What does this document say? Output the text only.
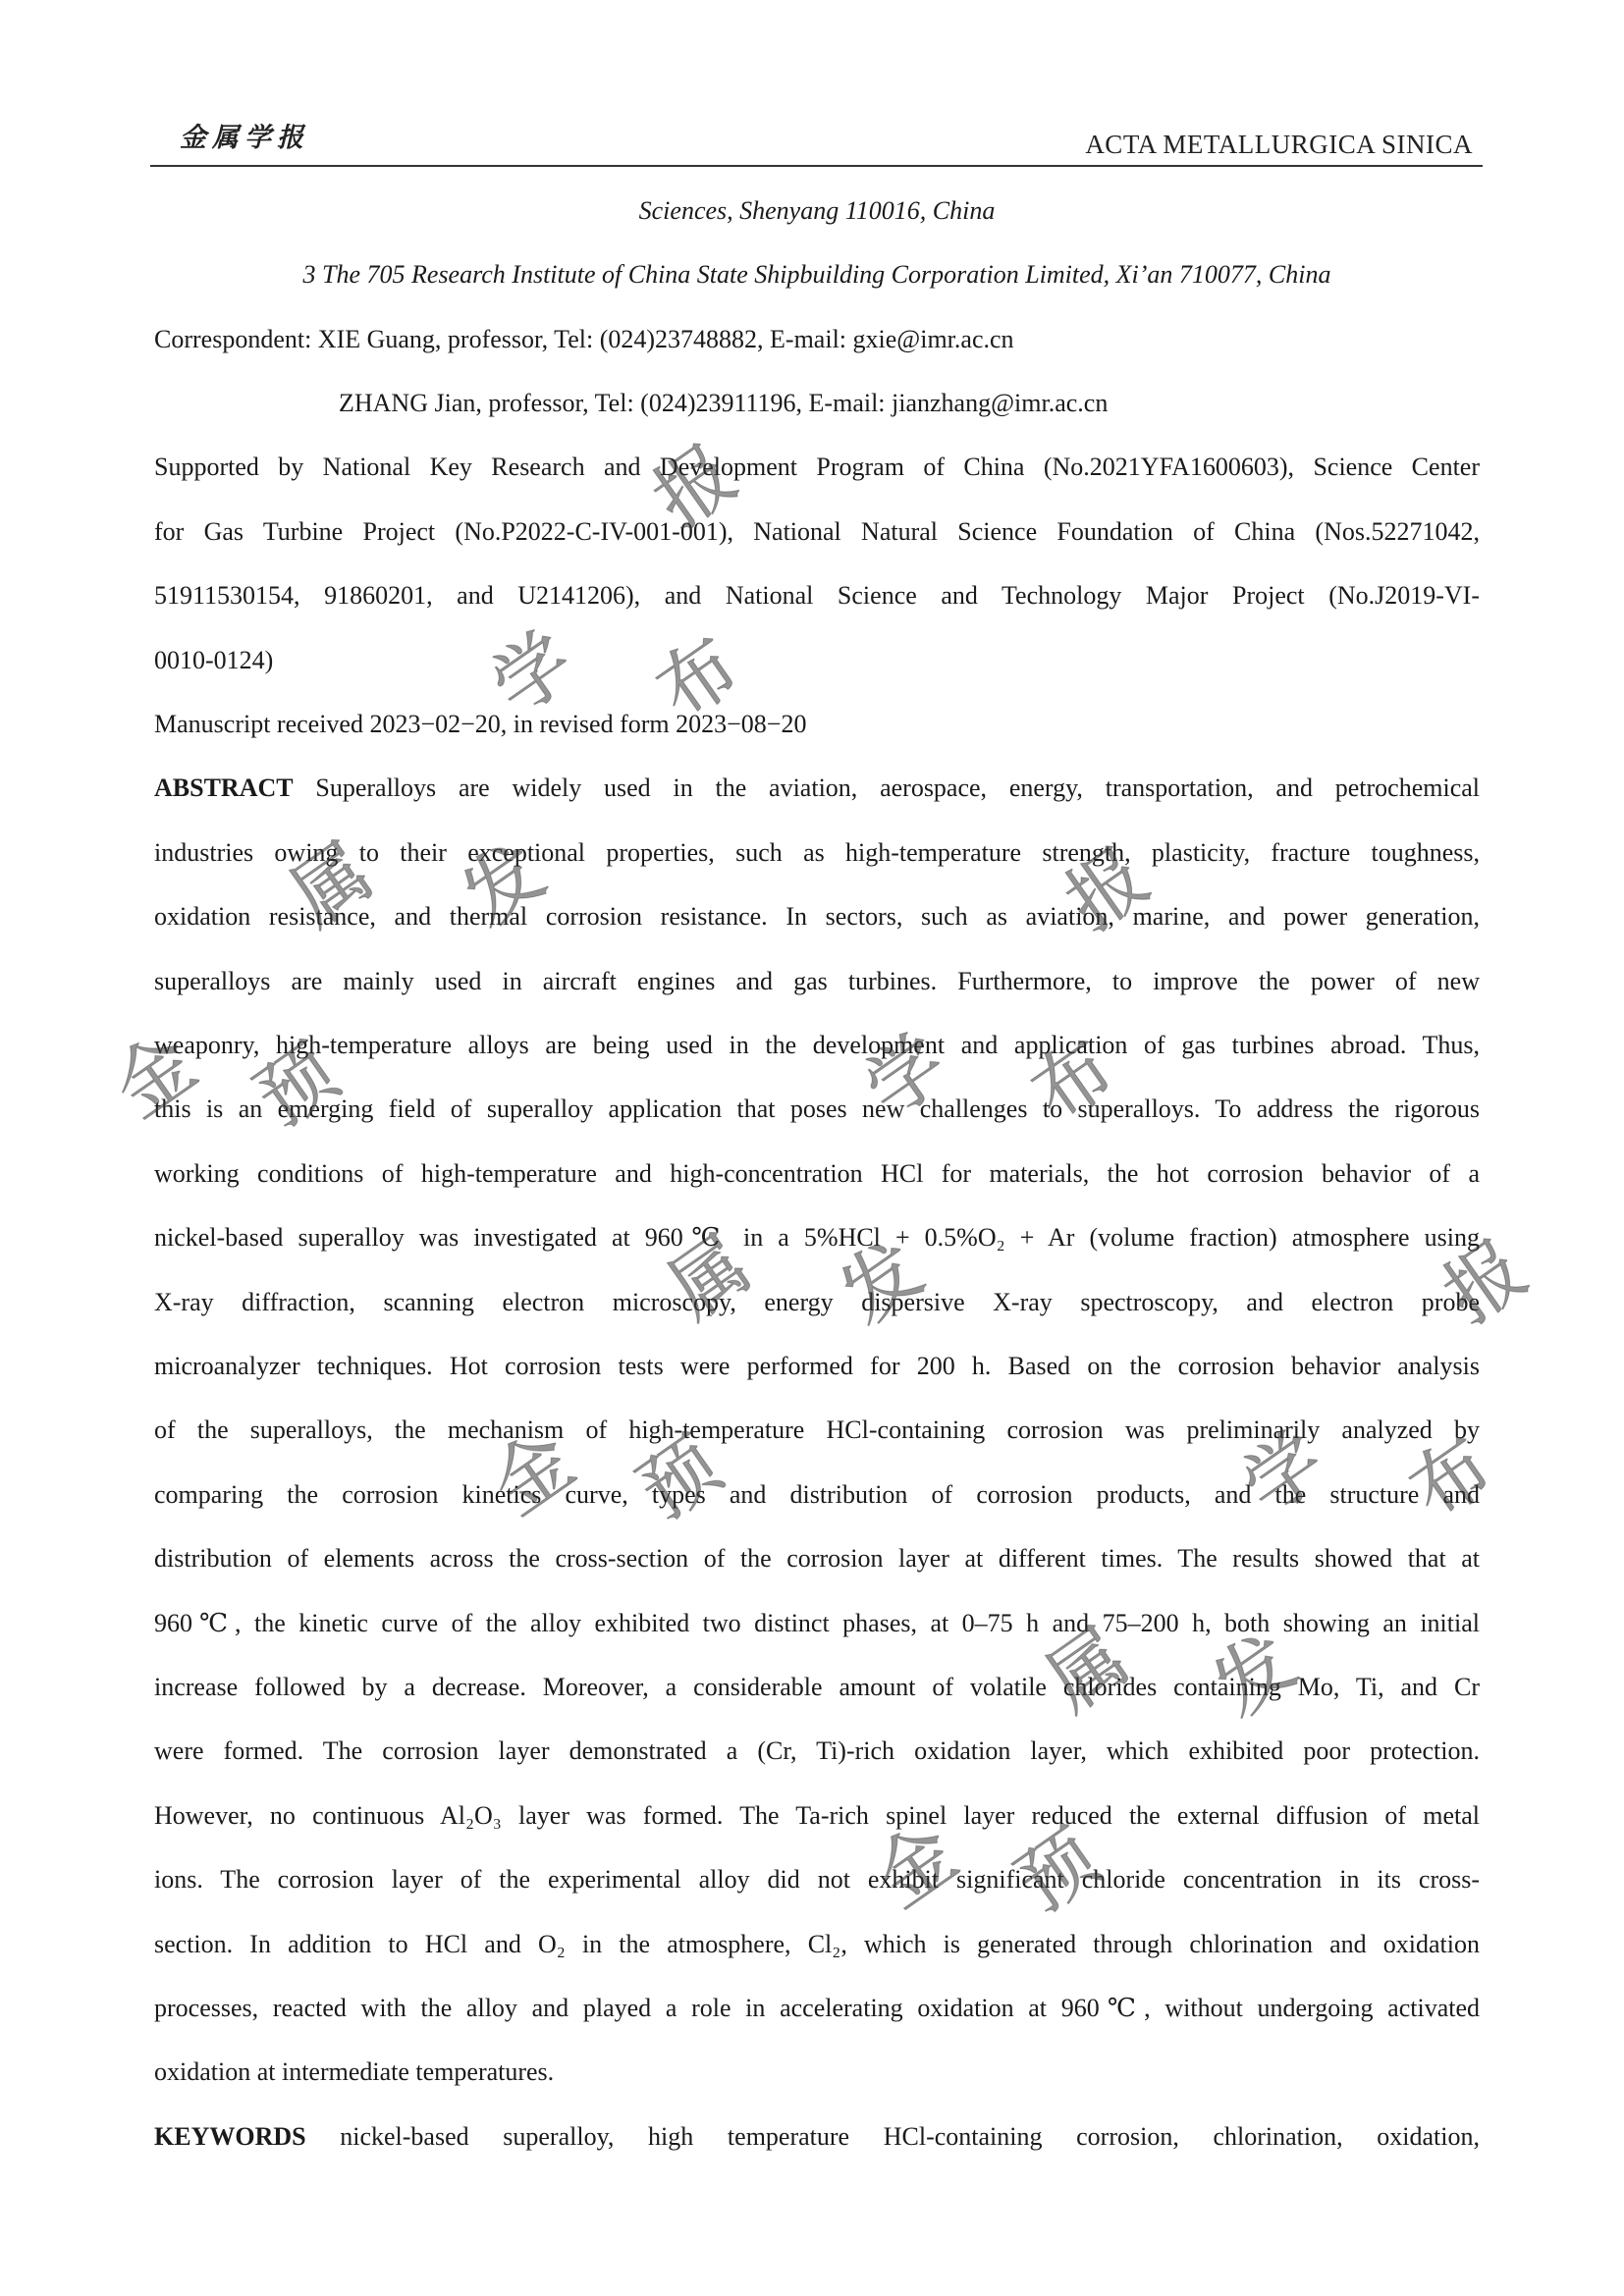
金属学报	ACTA METALLURGICA SINICA
Sciences, Shenyang 110016, China
3 The 705 Research Institute of China State Shipbuilding Corporation Limited, Xi’an 710077, China
Correspondent: XIE Guang, professor, Tel: (024)23748882, E-mail: gxie@imr.ac.cn
ZHANG Jian, professor, Tel: (024)23911196, E-mail: jianzhang@imr.ac.cn
Supported by National Key Research and Development Program of China (No.2021YFA1600603), Science Center
for Gas Turbine Project (No.P2022-C-IV-001-001), National Natural Science Foundation of China (Nos.52271042,
51911530154, 91860201, and U2141206), and National Science and Technology Major Project (No.J2019-VI-
0010-0124)
Manuscript received 2023−02−20, in revised form 2023−08−20
ABSTRACT Superalloys are widely used in the aviation, aerospace, energy, transportation, and petrochemical
industries owing to their exceptional properties, such as high-temperature strength, plasticity, fracture toughness,
oxidation resistance, and thermal corrosion resistance. In sectors, such as aviation, marine, and power generation,
superalloys are mainly used in aircraft engines and gas turbines. Furthermore, to improve the power of new
weaponry, high-temperature alloys are being used in the development and application of gas turbines abroad. Thus,
this is an emerging field of superalloy application that poses new challenges to superalloys. To address the rigorous
working conditions of high-temperature and high-concentration HCl for materials, the hot corrosion behavior of a
nickel-based superalloy was investigated at 960℃ in a 5%HCl + 0.5%O₂ + Ar (volume fraction) atmosphere using
X-ray diffraction, scanning electron microscopy, energy dispersive X-ray spectroscopy, and electron probe
microanalyzer techniques. Hot corrosion tests were performed for 200 h. Based on the corrosion behavior analysis
of the superalloys, the mechanism of high-temperature HCl-containing corrosion was preliminarily analyzed by
comparing the corrosion kinetics curve, types and distribution of corrosion products, and the structure and
distribution of elements across the cross-section of the corrosion layer at different times. The results showed that at
960℃, the kinetic curve of the alloy exhibited two distinct phases, at 0–75 h and 75–200 h, both showing an initial
increase followed by a decrease. Moreover, a considerable amount of volatile chlorides containing Mo, Ti, and Cr
were formed. The corrosion layer demonstrated a (Cr, Ti)-rich oxidation layer, which exhibited poor protection.
However, no continuous Al₂O₃ layer was formed. The Ta-rich spinel layer reduced the external diffusion of metal
ions. The corrosion layer of the experimental alloy did not exhibit significant chloride concentration in its cross-
section. In addition to HCl and O₂ in the atmosphere, Cl₂, which is generated through chlorination and oxidation
processes, reacted with the alloy and played a role in accelerating oxidation at 960℃, without undergoing activated
oxidation at intermediate temperatures.
KEYWORDS nickel-based superalloy, high temperature HCl-containing corrosion, chlorination, oxidation,
报
学 布
属 发	报
金 预	学 布
属 发	报
金 预	学 布
属 发
金 预
